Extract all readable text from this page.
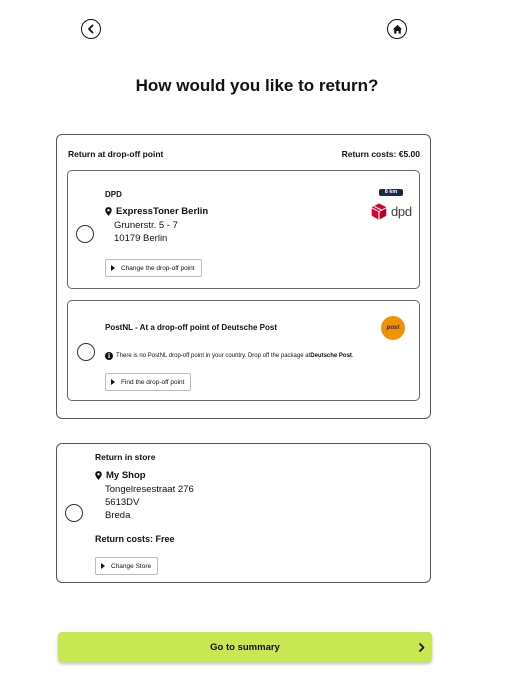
How would you like to return?
Return at drop-off point	Return costs: €5.00
DPD
ExpressToner Berlin
Grunerstr. 5 - 7
10179 Berlin
Change the drop-off point
8 km
dpd
PostNL - At a drop-off point of Deutsche Post	post
i There is no PostNL drop-off point in your country. Drop off the package at Deutsche Post .
Find the drop-off point
Return in store
My Shop
Tongelresestraat 276
5613DV
Breda
Return costs: Free
Change Store
Go to summary
